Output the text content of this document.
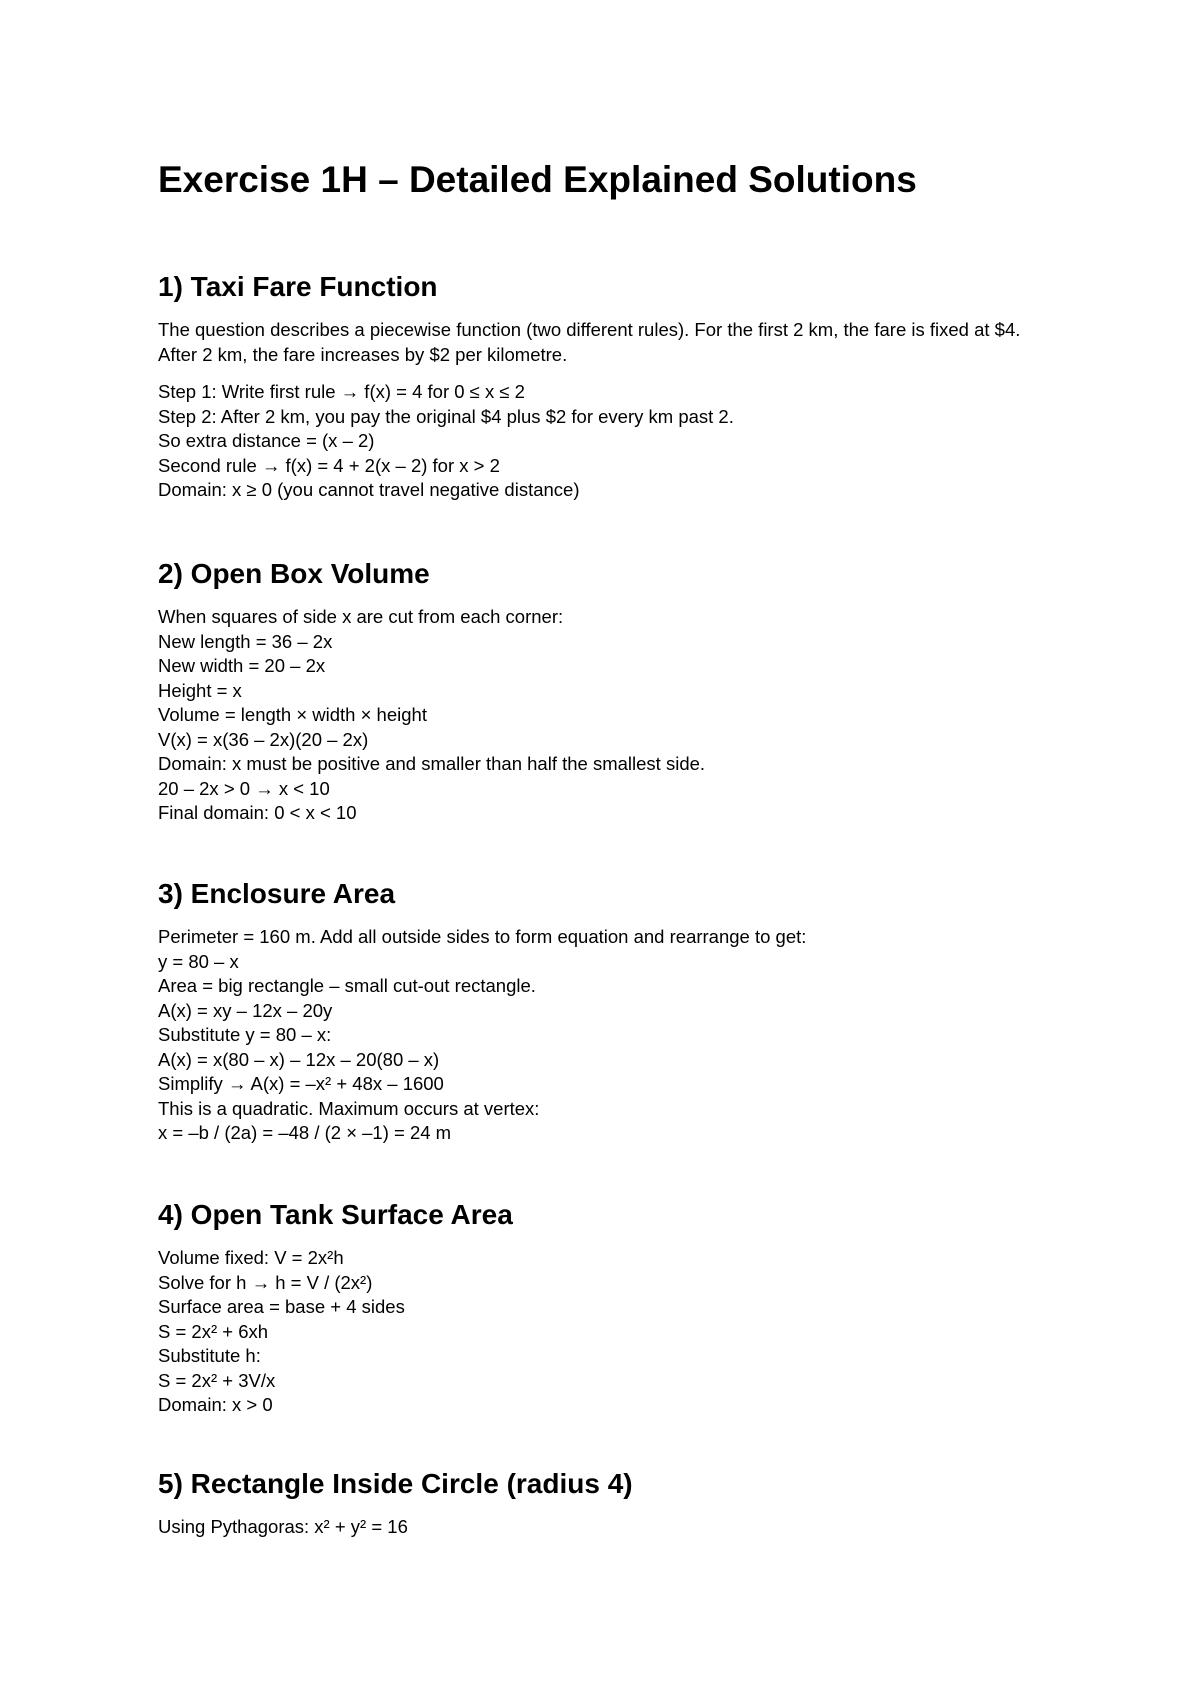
Exercise 1H – Detailed Explained Solutions
1) Taxi Fare Function

The question describes a piecewise function (two different rules). For the first 2 km, the fare is fixed at $4. After 2 km, the fare increases by $2 per kilometre.

Step 1: Write first rule → f(x) = 4 for 0 ≤ x ≤ 2

Step 2: After 2 km, you pay the original $4 plus $2 for every km past 2.

So extra distance = (x – 2)

Second rule → f(x) = 4 + 2(x – 2) for x > 2

Domain: x ≥ 0 (you cannot travel negative distance)

2) Open Box Volume

When squares of side x are cut from each corner:

New length = 36 – 2x

New width = 20 – 2x

Height = x

Volume = length × width × height

V(x) = x(36 – 2x)(20 – 2x)

Domain: x must be positive and smaller than half the smallest side.

20 – 2x > 0 → x < 10

Final domain: 0 < x < 10

3) Enclosure Area

Perimeter = 160 m. Add all outside sides to form equation and rearrange to get:

y = 80 – x

Area = big rectangle – small cut-out rectangle.

A(x) = xy – 12x – 20y

Substitute y = 80 – x:

A(x) = x(80 – x) – 12x – 20(80 – x)

Simplify → A(x) = –x² + 48x – 1600

This is a quadratic. Maximum occurs at vertex:

x = –b / (2a) = –48 / (2 × –1) = 24 m

4) Open Tank Surface Area

Volume fixed: V = 2x²h

Solve for h → h = V / (2x²)

Surface area = base + 4 sides

S = 2x² + 6xh

Substitute h:

S = 2x² + 3V/x

Domain: x > 0

5) Rectangle Inside Circle (radius 4)

Using Pythagoras: x² + y² = 16
